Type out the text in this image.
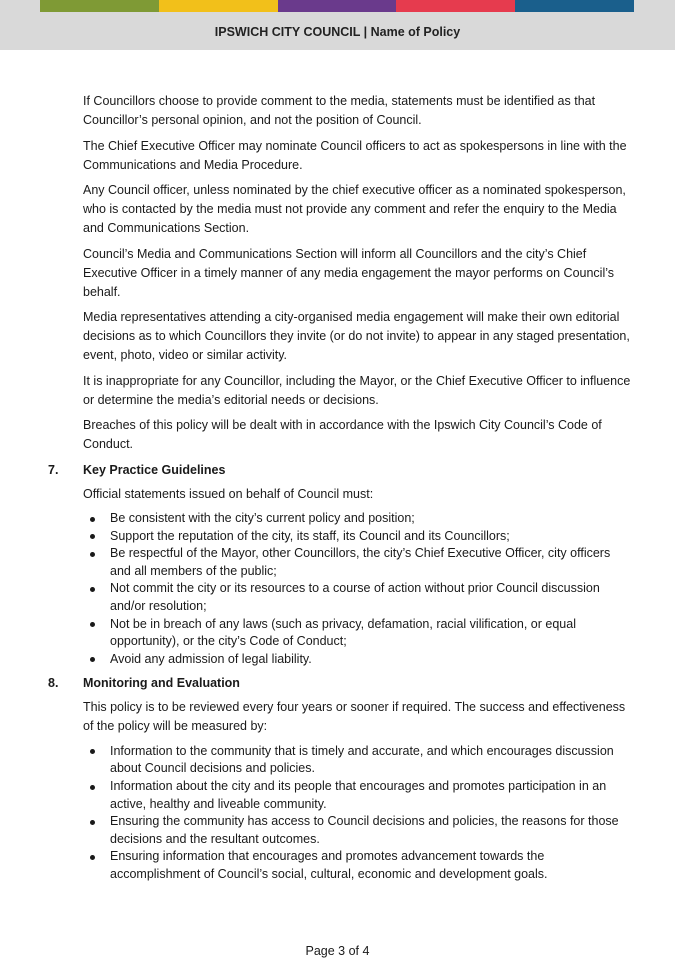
IPSWICH CITY COUNCIL | Name of Policy

If Councillors choose to provide comment to the media, statements must be identified as that Councillor’s personal opinion, and not the position of Council.

The Chief Executive Officer may nominate Council officers to act as spokespersons in line with the Communications and Media Procedure.

Any Council officer, unless nominated by the chief executive officer as a nominated spokesperson, who is contacted by the media must not provide any comment and refer the enquiry to the Media and Communications Section.

Council’s Media and Communications Section will inform all Councillors and the city’s Chief Executive Officer in a timely manner of any media engagement the mayor performs on Council’s behalf.

Media representatives attending a city-organised media engagement will make their own editorial decisions as to which Councillors they invite (or do not invite) to appear in any staged presentation, event, photo, video or similar activity.

It is inappropriate for any Councillor, including the Mayor, or the Chief Executive Officer to influence or determine the media’s editorial needs or decisions.

Breaches of this policy will be dealt with in accordance with the Ipswich City Council’s Code of Conduct.

7. Key Practice Guidelines

Official statements issued on behalf of Council must:

Be consistent with the city’s current policy and position;
Support the reputation of the city, its staff, its Council and its Councillors;
Be respectful of the Mayor, other Councillors, the city’s Chief Executive Officer, city officers and all members of the public;
Not commit the city or its resources to a course of action without prior Council discussion and/or resolution;
Not be in breach of any laws (such as privacy, defamation, racial vilification, or equal opportunity), or the city’s Code of Conduct;
Avoid any admission of legal liability.
8. Monitoring and Evaluation

This policy is to be reviewed every four years or sooner if required. The success and effectiveness of the policy will be measured by:

Information to the community that is timely and accurate, and which encourages discussion about Council decisions and policies.
Information about the city and its people that encourages and promotes participation in an active, healthy and liveable community.
Ensuring the community has access to Council decisions and policies, the reasons for those decisions and the resultant outcomes.
Ensuring information that encourages and promotes advancement towards the accomplishment of Council’s social, cultural, economic and development goals.
Page 3 of 4
